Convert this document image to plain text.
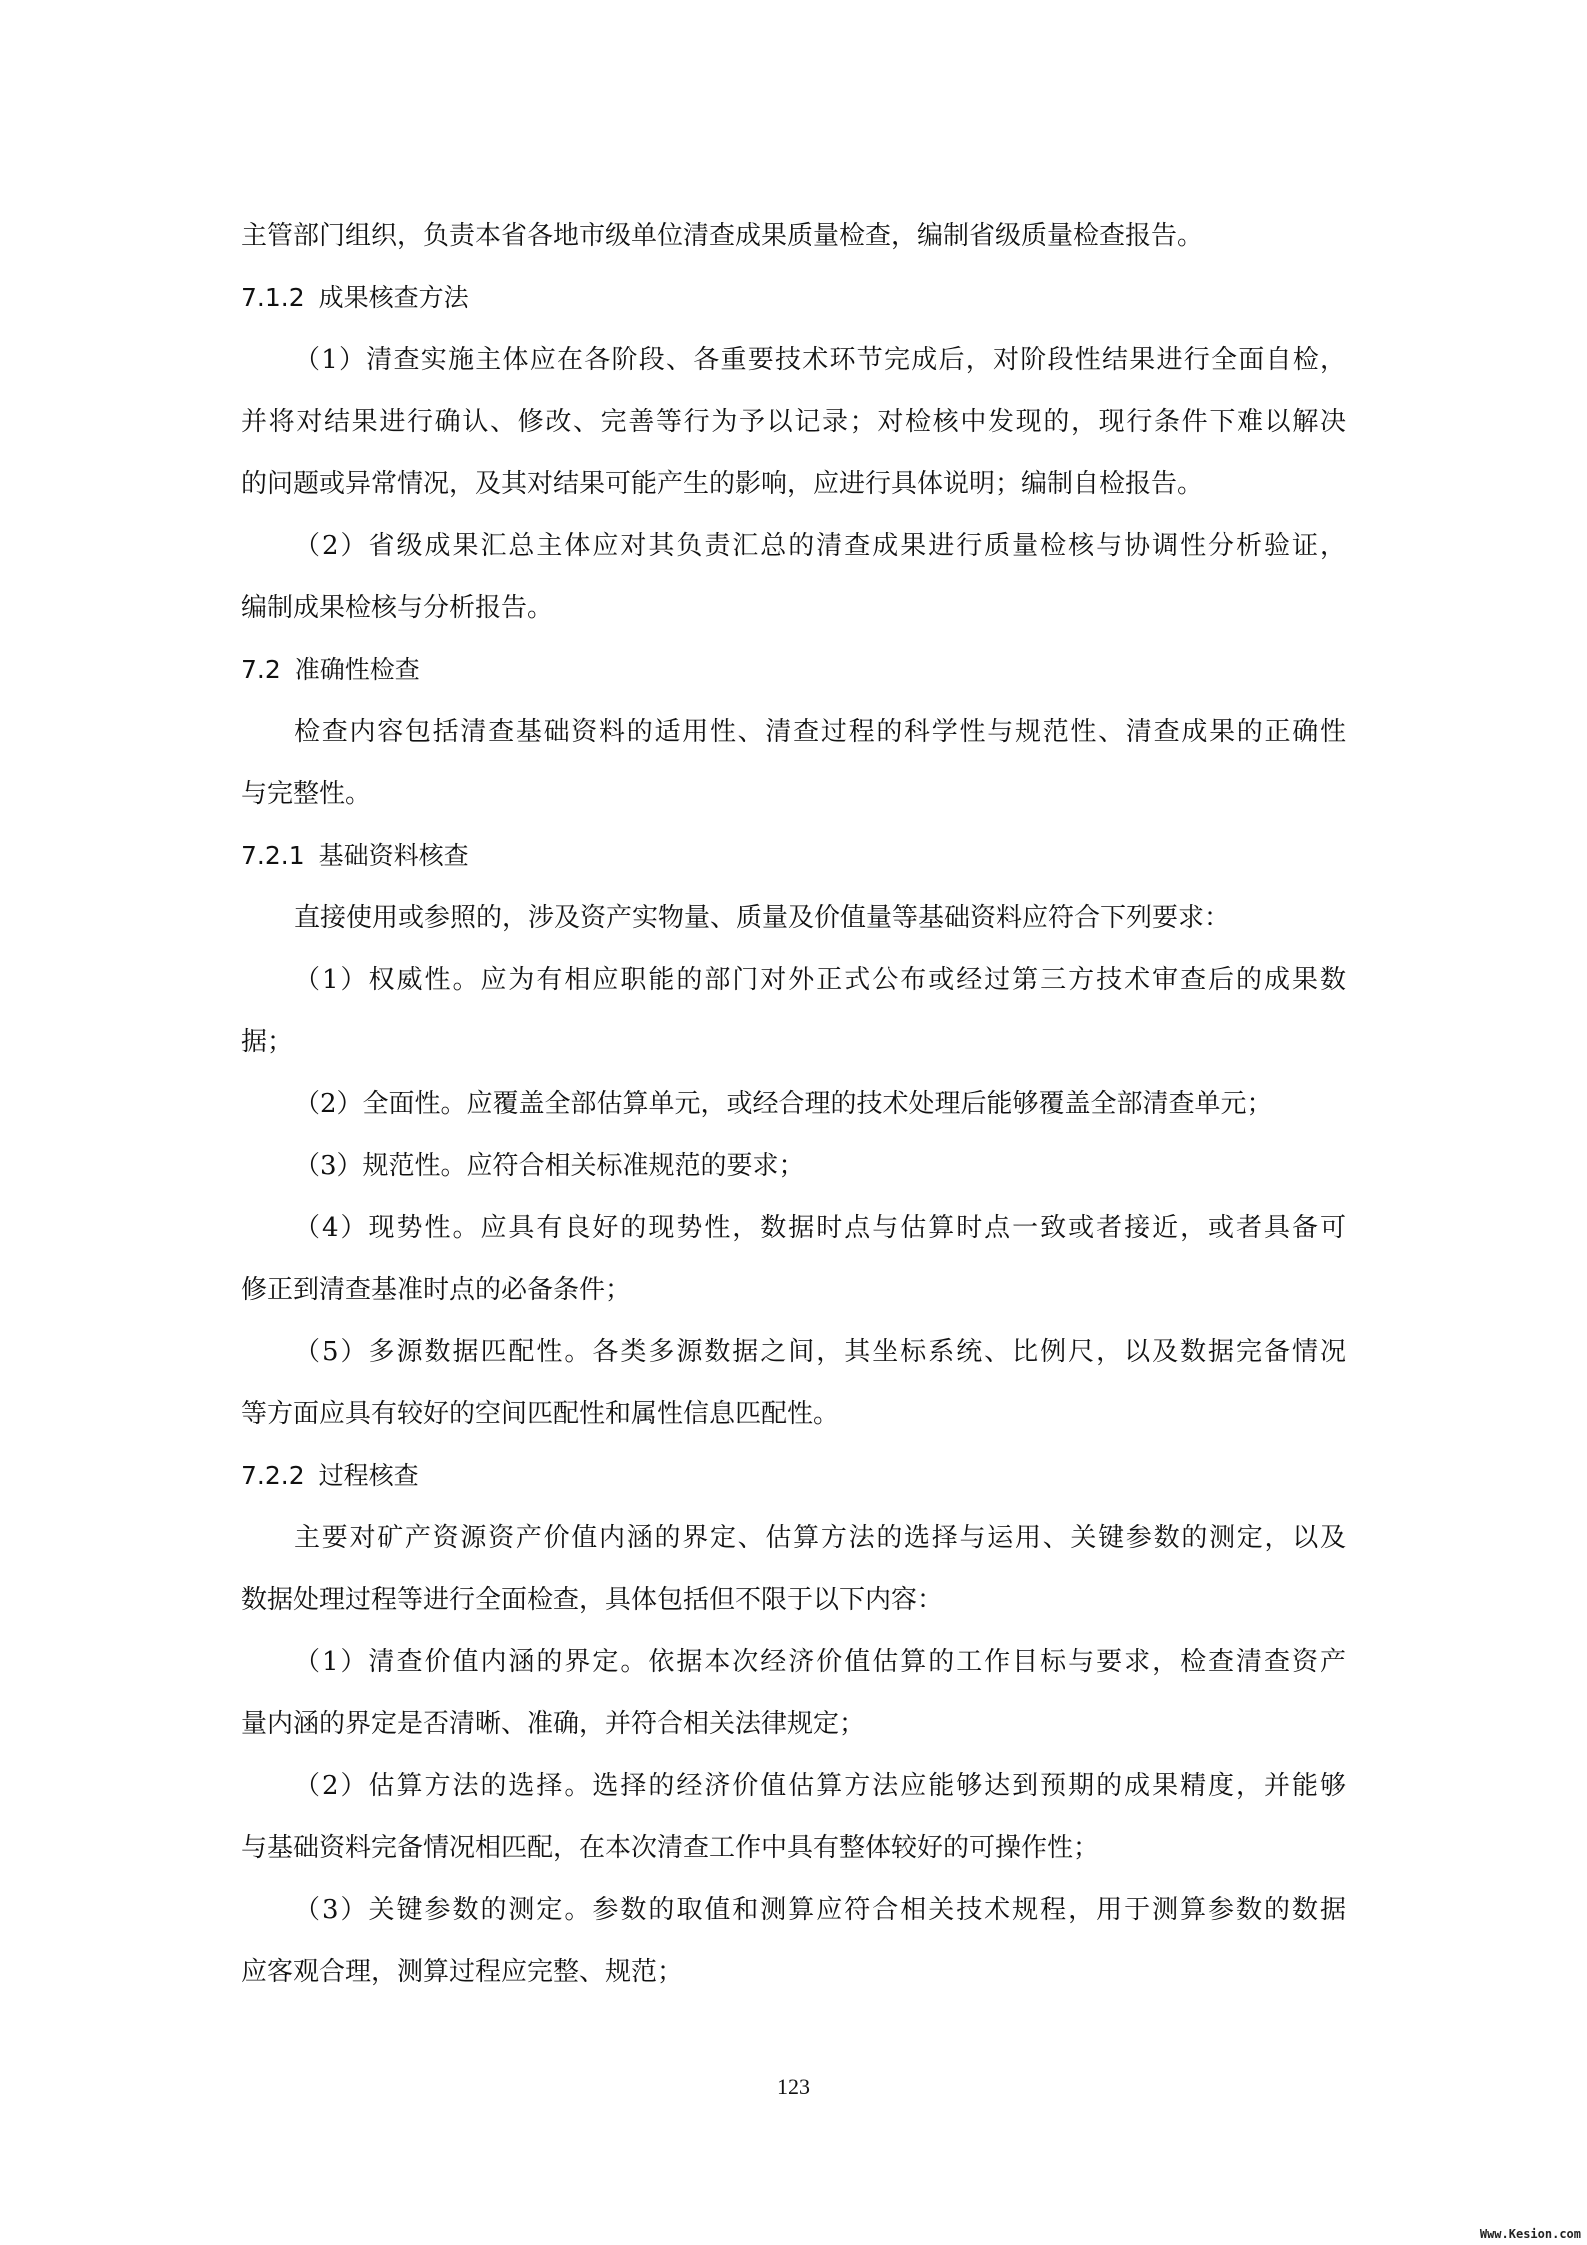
主管部门组织，负责本省各地市级单位清查成果质量检查，编制省级质量检查报告。
7.1.2 成果核查方法
（1）清查实施主体应在各阶段、各重要技术环节完成后，对阶段性结果进行全面自检，
并将对结果进行确认、修改、完善等行为予以记录；对检核中发现的，现行条件下难以解决
的问题或异常情况，及其对结果可能产生的影响，应进行具体说明；编制自检报告。
（2）省级成果汇总主体应对其负责汇总的清查成果进行质量检核与协调性分析验证，
编制成果检核与分析报告。
7.2 准确性检查
检查内容包括清查基础资料的适用性、清查过程的科学性与规范性、清查成果的正确性
与完整性。
7.2.1 基础资料核查
直接使用或参照的，涉及资产实物量、质量及价值量等基础资料应符合下列要求：
（1）权威性。应为有相应职能的部门对外正式公布或经过第三方技术审查后的成果数
据；
（2）全面性。应覆盖全部估算单元，或经合理的技术处理后能够覆盖全部清查单元；
（3）规范性。应符合相关标准规范的要求；
（4）现势性。应具有良好的现势性，数据时点与估算时点一致或者接近，或者具备可
修正到清查基准时点的必备条件；
（5）多源数据匹配性。各类多源数据之间，其坐标系统、比例尺，以及数据完备情况
等方面应具有较好的空间匹配性和属性信息匹配性。
7.2.2 过程核查
主要对矿产资源资产价值内涵的界定、估算方法的选择与运用、关键参数的测定，以及
数据处理过程等进行全面检查，具体包括但不限于以下内容：
（1）清查价值内涵的界定。依据本次经济价值估算的工作目标与要求，检查清查资产
量内涵的界定是否清晰、准确，并符合相关法律规定；
（2）估算方法的选择。选择的经济价值估算方法应能够达到预期的成果精度，并能够
与基础资料完备情况相匹配，在本次清查工作中具有整体较好的可操作性；
（3）关键参数的测定。参数的取值和测算应符合相关技术规程，用于测算参数的数据
应客观合理，测算过程应完整、规范；
123
Www.Kesion.com
